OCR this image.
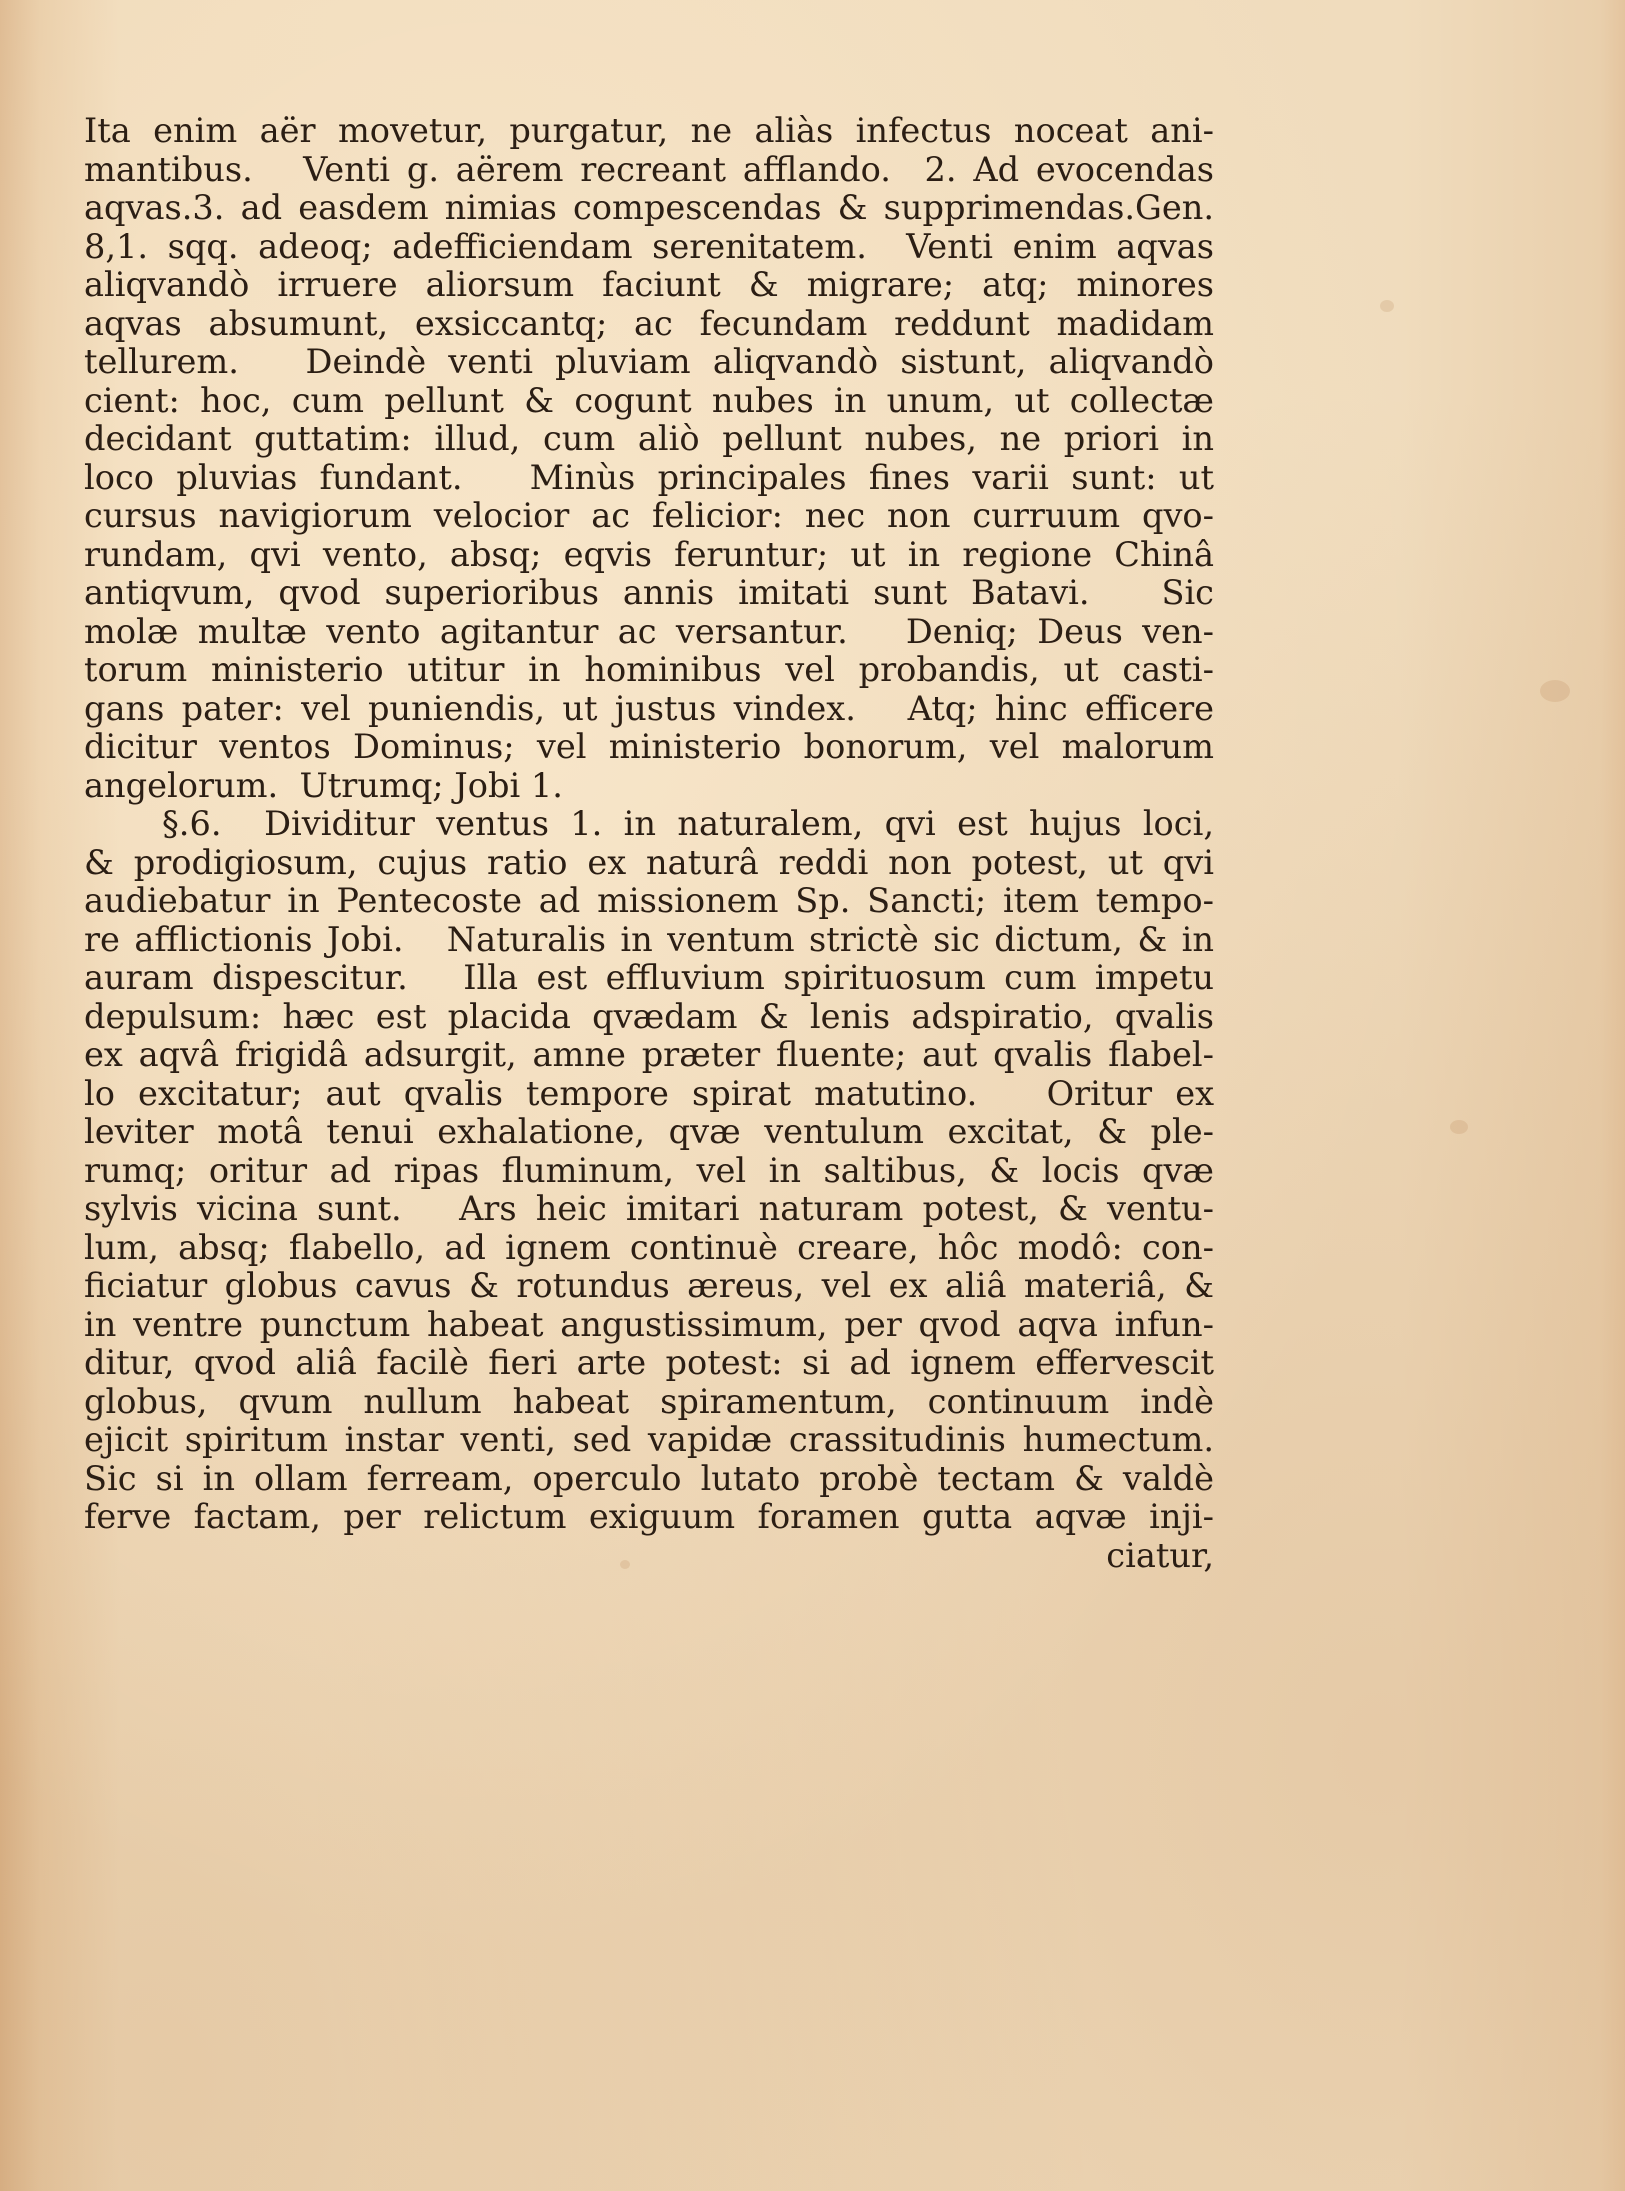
Ita enim aër movetur, purgatur, ne aliàs infectus noceat ani-
mantibus.   Venti g. aërem recreant afflando.  2. Ad evocendas
aqvas.3. ad easdem nimias compescendas & supprimendas.Gen.
8,1. sqq. adeoq; adefficiendam serenitatem.  Venti enim aqvas
aliqvandò irruere aliorsum faciunt & migrare; atq; minores
aqvas absumunt, exsiccantq; ac fecundam reddunt madidam
tellurem.   Deindè venti pluviam aliqvandò sistunt, aliqvandò
cient: hoc, cum pellunt & cogunt nubes in unum, ut collectæ
decidant guttatim: illud, cum aliò pellunt nubes, ne priori in
loco pluvias fundant.   Minùs principales fines varii sunt: ut
cursus navigiorum velocior ac felicior: nec non curruum qvo-
rundam, qvi vento, absq; eqvis feruntur; ut in regione Chinâ
antiqvum, qvod superioribus annis imitati sunt Batavi.   Sic
molæ multæ vento agitantur ac versantur.   Deniq; Deus ven-
torum ministerio utitur in hominibus vel probandis, ut casti-
gans pater: vel puniendis, ut justus vindex.   Atq; hinc efficere
dicitur ventos Dominus; vel ministerio bonorum, vel malorum
angelorum.  Utrumq; Jobi 1.
§.6.  Dividitur ventus 1. in naturalem, qvi est hujus loci,
& prodigiosum, cujus ratio ex naturâ reddi non potest, ut qvi
audiebatur in Pentecoste ad missionem Sp. Sancti; item tempo-
re afflictionis Jobi.   Naturalis in ventum strictè sic dictum, & in
auram dispescitur.   Illa est effluvium spirituosum cum impetu
depulsum: hæc est placida qvædam & lenis adspiratio, qvalis
ex aqvâ frigidâ adsurgit, amne præter fluente; aut qvalis flabel-
lo excitatur; aut qvalis tempore spirat matutino.   Oritur ex
leviter motâ tenui exhalatione, qvæ ventulum excitat, & ple-
rumq; oritur ad ripas fluminum, vel in saltibus, & locis qvæ
sylvis vicina sunt.   Ars heic imitari naturam potest, & ventu-
lum, absq; flabello, ad ignem continuè creare, hôc modô: con-
ficiatur globus cavus & rotundus æreus, vel ex aliâ materiâ, &
in ventre punctum habeat angustissimum, per qvod aqva infun-
ditur, qvod aliâ facilè fieri arte potest: si ad ignem effervescit
globus, qvum nullum habeat spiramentum, continuum indè
ejicit spiritum instar venti, sed vapidæ crassitudinis humectum.
Sic si in ollam ferream, operculo lutato probè tectam & valdè
ferve factam, per relictum exiguum foramen gutta aqvæ inji-
ciatur,
